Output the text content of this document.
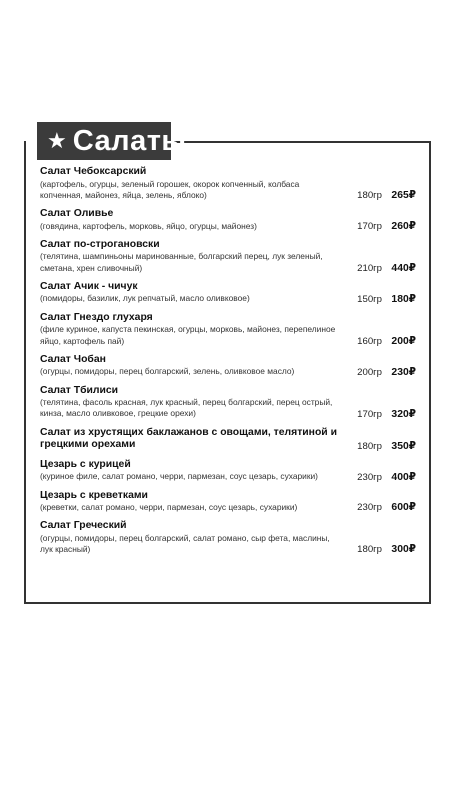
★ Салаты
Салат Чебоксарский
(картофель, огурцы, зеленый горошек, окорок копченный, колбаса копченная, майонез, яйца, зелень, яблоко)	180гр 265₽
Салат Оливье
(говядина, картофель, морковь, яйцо, огурцы, майонез)	170гр 260₽
Салат по-строгановски
(телятина, шампиньоны маринованные, болгарский перец, лук зеленый, сметана, хрен сливочный)	210гр 440₽
Салат Ачик - чичук
(помидоры, базилик, лук репчатый, масло оливковое)	150гр 180₽
Салат Гнездо глухаря
(филе куриное, капуста пекинская, огурцы, морковь, майонез, перепелиное яйцо, картофель пай)	160гр 200₽
Салат Чобан
(огурцы, помидоры, перец болгарский, зелень, оливковое масло)	200гр 230₽
Салат Тбилиси
(телятина, фасоль красная, лук красный, перец болгарский, перец острый, кинза, масло оливковое, грецкие орехи)	170гр 320₽
Салат из хрустящих баклажанов с овощами, телятиной и грецкими орехами	180гр 350₽
Цезарь с курицей
(куриное филе, салат романо, черри, пармезан, соус цезарь, сухарики)	230гр 400₽
Цезарь с креветками
(креветки, салат романо, черри, пармезан, соус цезарь, сухарики)	230гр 600₽
Салат Греческий
(огурцы, помидоры, перец болгарский, салат романо, сыр фета, маслины, лук красный)	180гр 300₽
